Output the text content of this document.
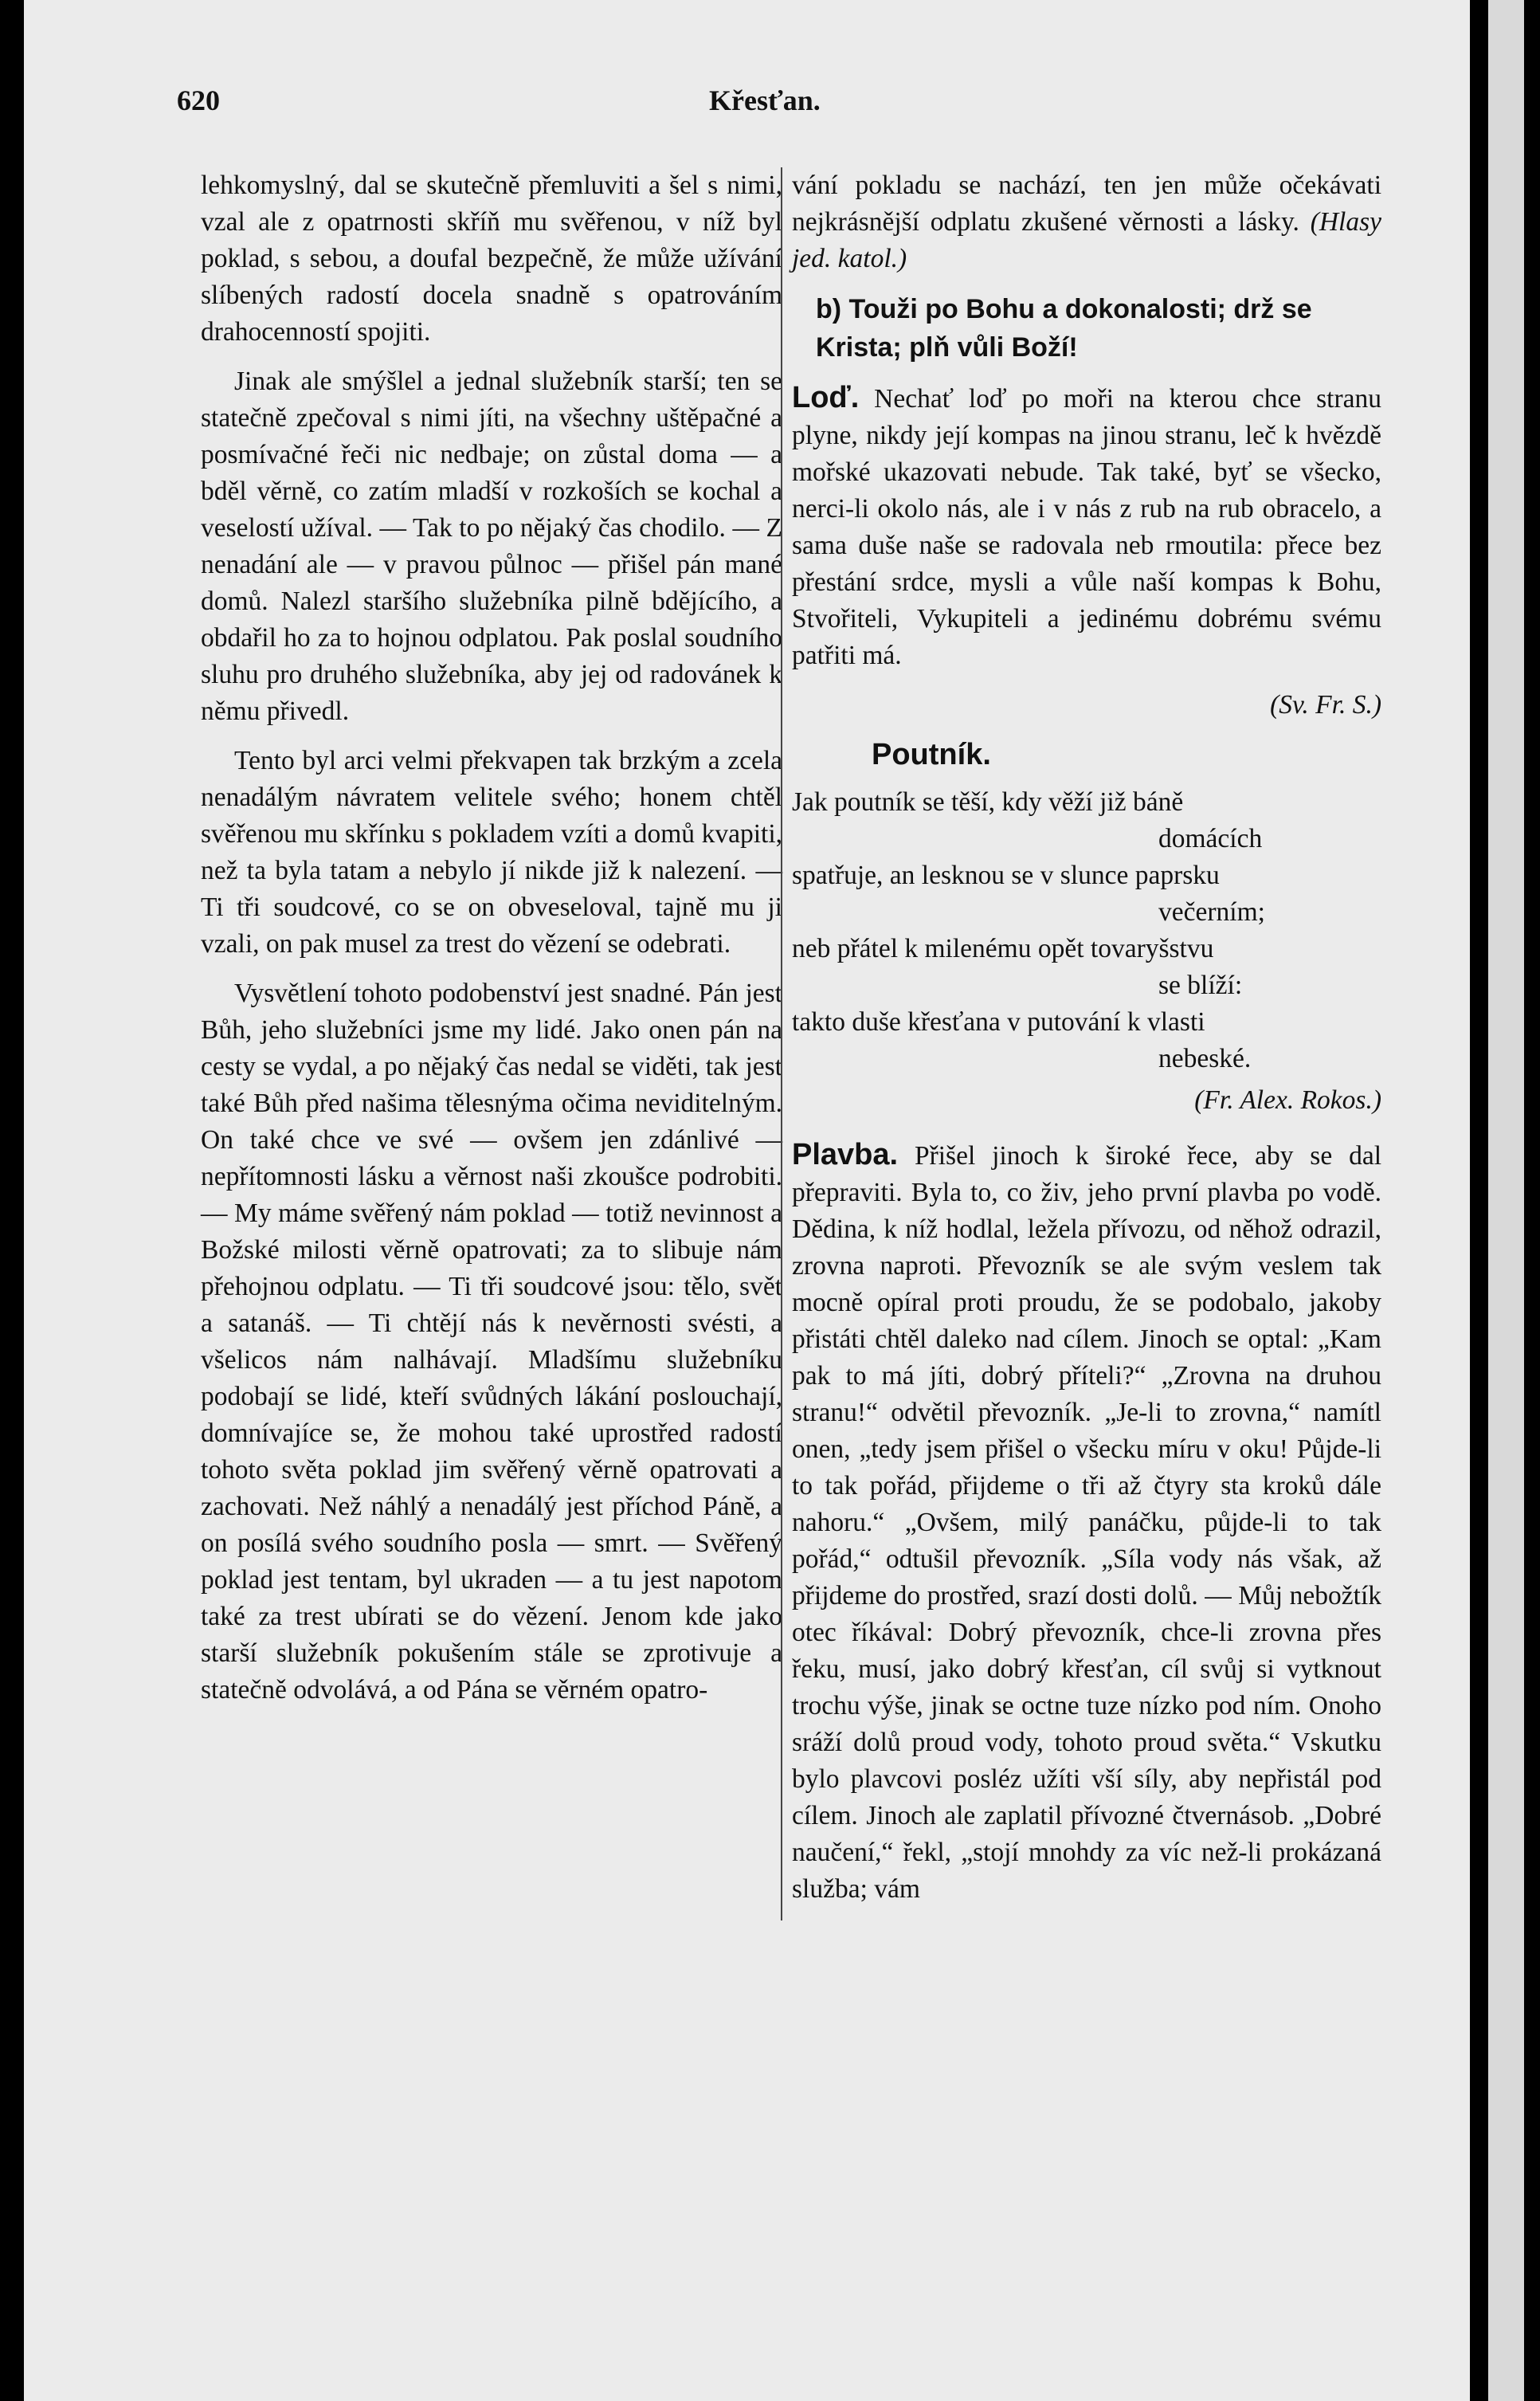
620	Křesťan.

lehkomyslný, dal se skutečně přemluviti a šel s nimi, vzal ale z opatrnosti skříň mu svěřenou, v níž byl poklad, s sebou, a doufal bezpečně, že může užívání slíbených radostí docela snadně s opatrováním drahocenností spojiti.

Jinak ale smýšlel a jednal služebník starší; ten se statečně zpečoval s nimi jíti, na všechny uštěpačné a posmívačné řeči nic nedbaje; on zůstal doma — a bděl věrně, co zatím mladší v rozkoších se kochal a veselostí užíval. — Tak to po nějaký čas chodilo. — Z nenadání ale — v pravou půlnoc — přišel pán mané domů. Nalezl staršího služebníka pilně bdějícího, a obdařil ho za to hojnou odplatou. Pak poslal soudního sluhu pro druhého služebníka, aby jej od radovánek k němu přivedl.

Tento byl arci velmi překvapen tak brzkým a zcela nenadálým návratem velitele svého; honem chtěl svěřenou mu skřínku s pokladem vzíti a domů kvapiti, než ta byla tatam a nebylo jí nikde již k nalezení. — Ti tři soudcové, co se on obveseloval, tajně mu ji vzali, on pak musel za trest do vězení se odebrati.

Vysvětlení tohoto podobenství jest snadné. Pán jest Bůh, jeho služebníci jsme my lidé. Jako onen pán na cesty se vydal, a po nějaký čas nedal se viděti, tak jest také Bůh před našima tělesnýma očima neviditelným. On také chce ve své — ovšem jen zdánlivé — nepřítomnosti lásku a věrnost naši zkoušce podrobiti. — My máme svěřený nám poklad — totiž nevinnost a Božské milosti věrně opatrovati; za to slibuje nám přehojnou odplatu. — Ti tři soudcové jsou: tělo, svět a satanáš. — Ti chtějí nás k nevěrnosti svésti, a všelicos nám nalhávají. Mladšímu služebníku podobají se lidé, kteří svůdných lákání poslouchají, domnívajíce se, že mohou také uprostřed radostí tohoto světa poklad jim svěřený věrně opatrovati a zachovati. Než náhlý a nenadálý jest příchod Páně, a on posílá svého soudního posla — smrt. — Svěřený poklad jest tentam, byl ukraden — a tu jest napotom také za trest ubírati se do vězení. Jenom kde jako starší služebník pokušením stále se zprotivuje a statečně odvolává, a od Pána se věrném opatro-

vání pokladu se nachází, ten jen může očekávati nejkrásnější odplatu zkušené věrnosti a lásky. (Hlasy jed. katol.)

b) Touži po Bohu a dokonalosti; drž se Krista; plň vůli Boží!

Loď. Nechať loď po moři na kterou chce stranu plyne, nikdy její kompas na jinou stranu, leč k hvězdě mořské ukazovati nebude. Tak také, byť se všecko, nerci-li okolo nás, ale i v nás z rub na rub obracelo, a sama duše naše se radovala neb rmoutila: přece bez přestání srdce, mysli a vůle naší kompas k Bohu, Stvořiteli, Vykupiteli a jedinému dobrému svému patřiti má.

(Sv. Fr. S.)
Poutník.

Jak poutník se těší, kdy věží již báně

domácích

spatřuje, an lesknou se v slunce paprsku

večerním;

neb přátel k milenému opět tovaryšstvu

se blíží:

takto duše křesťana v putování k vlasti

nebeské.

(Fr. Alex. Rokos.)

Plavba. Přišel jinoch k široké řece, aby se dal přepraviti. Byla to, co živ, jeho první plavba po vodě. Dědina, k níž hodlal, ležela přívozu, od něhož odrazil, zrovna naproti. Převozník se ale svým veslem tak mocně opíral proti proudu, že se podobalo, jakoby přistáti chtěl daleko nad cílem. Jinoch se optal: „Kam pak to má jíti, dobrý příteli?“ „Zrovna na druhou stranu!“ odvětil převozník. „Je-li to zrovna,“ namítl onen, „tedy jsem přišel o všecku míru v oku! Půjde-li to tak pořád, přijdeme o tři až čtyry sta kroků dále nahoru.“ „Ovšem, milý panáčku, půjde-li to tak pořád,“ odtušil převozník. „Síla vody nás však, až přijdeme do prostřed, srazí dosti dolů. — Můj nebožtík otec říkával: Dobrý převozník, chce-li zrovna přes řeku, musí, jako dobrý křesťan, cíl svůj si vytknout trochu výše, jinak se octne tuze nízko pod ním. Onoho sráží dolů proud vody, tohoto proud světa.“ Vskutku bylo plavcovi posléz užíti vší síly, aby nepřistál pod cílem. Jinoch ale zaplatil přívozné čtvernásob. „Dobré naučení,“ řekl, „stojí mnohdy za víc než-li prokázaná služba; vám
